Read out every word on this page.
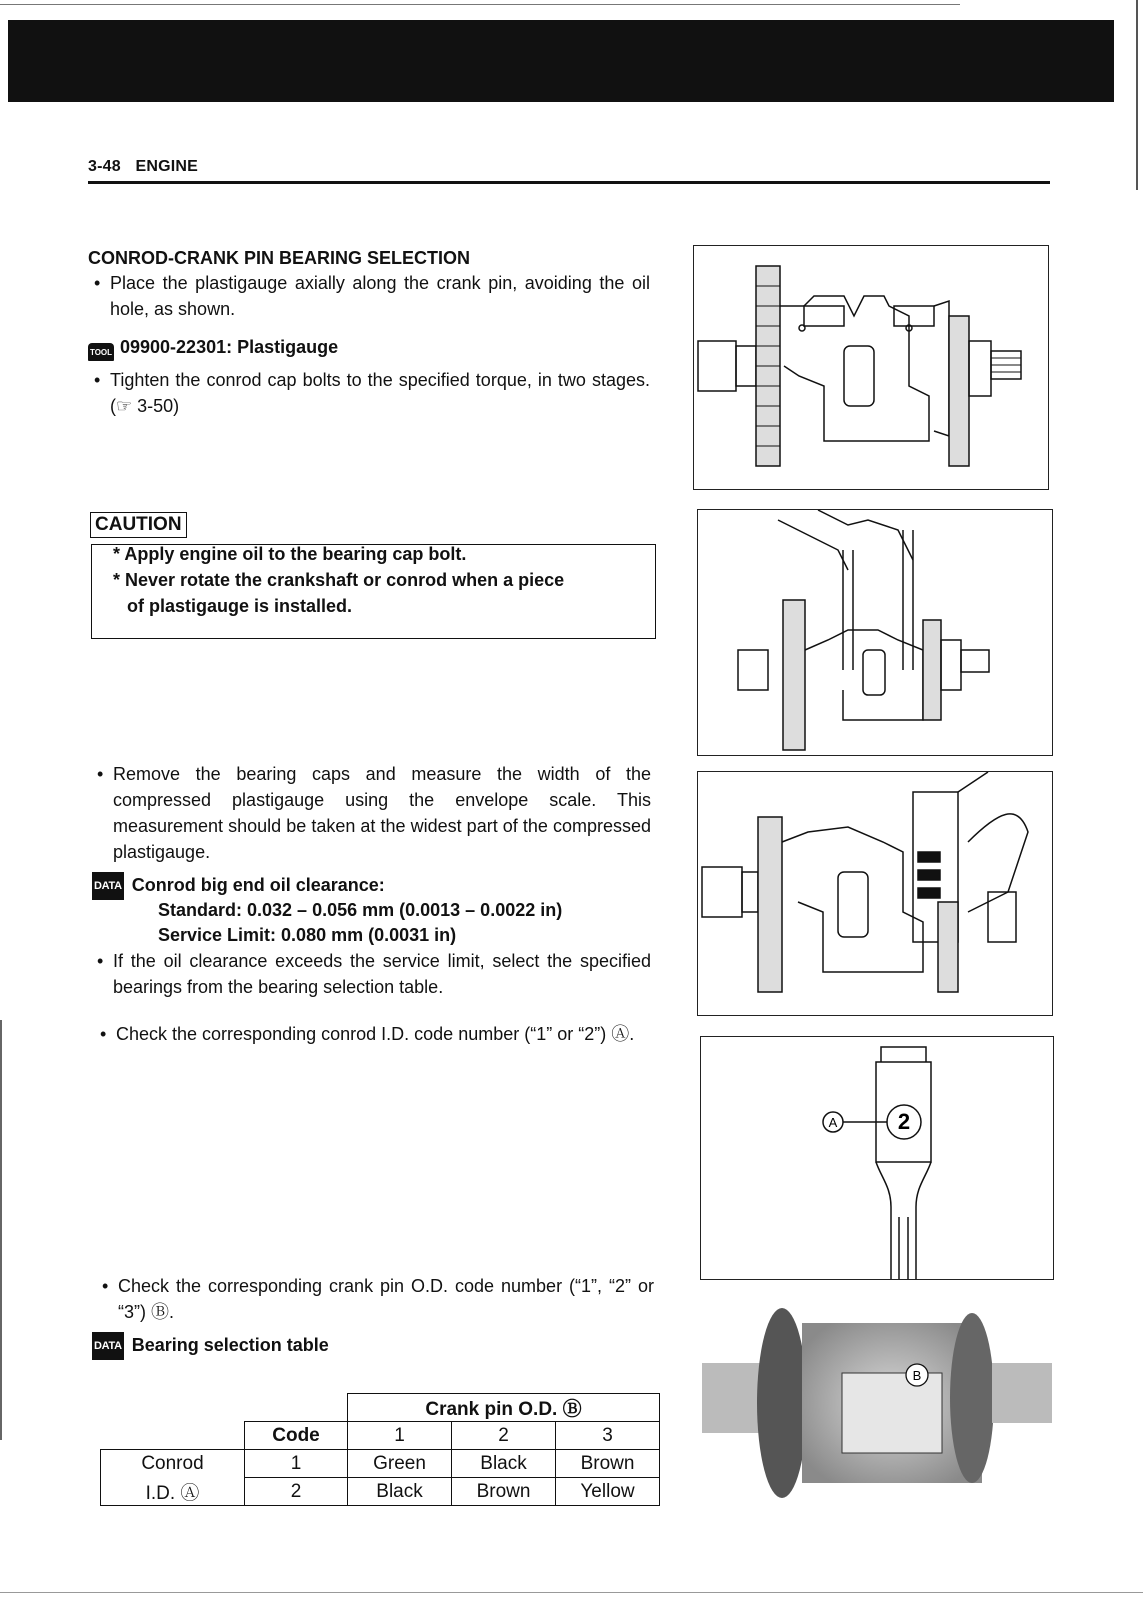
3-48 ENGINE
CONROD-CRANK PIN BEARING SELECTION
• Place the plastigauge axially along the crank pin, avoiding the oil hole, as shown.
TOOL 09900-22301: Plastigauge
• Tighten the conrod cap bolts to the specified torque, in two stages. (☞ 3-50)
CAUTION
* Apply engine oil to the bearing cap bolt.
* Never rotate the crankshaft or conrod when a piece
of plastigauge is installed.
• Remove the bearing caps and measure the width of the compressed plastigauge using the envelope scale. This measurement should be taken at the widest part of the compressed plastigauge.
DATA Conrod big end oil clearance:
Standard: 0.032 – 0.056 mm (0.0013 – 0.0022 in)
Service Limit: 0.080 mm (0.0031 in)
• If the oil clearance exceeds the service limit, select the specified bearings from the bearing selection table.
• Check the corresponding conrod I.D. code number (“1” or “2”) Ⓐ.
• Check the corresponding crank pin O.D. code number (“1”, “2” or “3”) Ⓑ.
DATA Bearing selection table
		Crank pin O.D. Ⓑ		
	Code	1	2	3
Conrod	1	Green	Black	Brown
I.D. Ⓐ	2	Black	Brown	Yellow
2
A
B
